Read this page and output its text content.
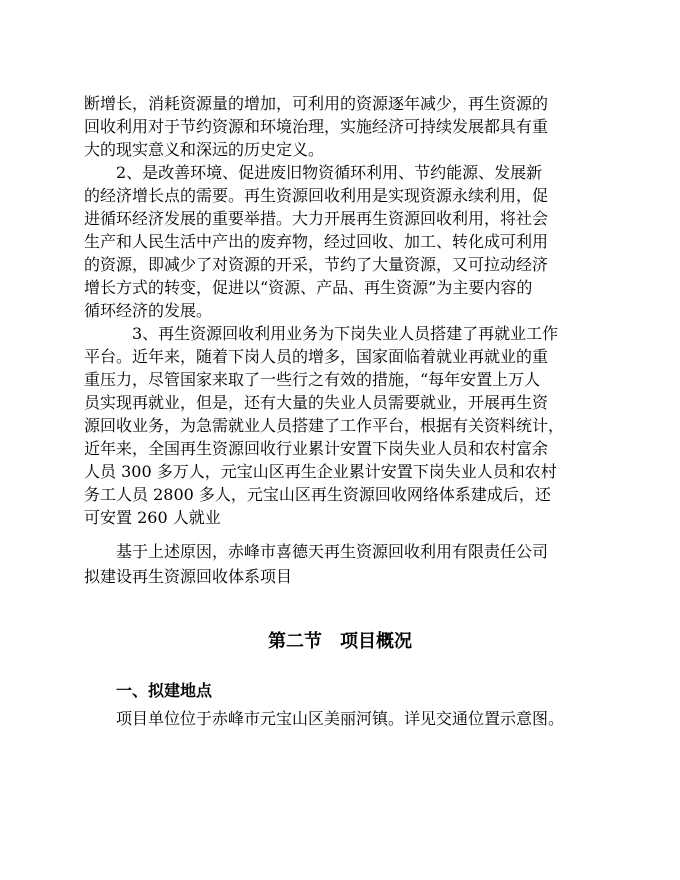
断增长，消耗资源量的增加，可利用的资源逐年减少，再生资源的
回收利用对于节约资源和环境治理，实施经济可持续发展都具有重
大的现实意义和深远的历史定义。
　　2、是改善环境、促进废旧物资循环利用、节约能源、发展新
的经济增长点的需要。再生资源回收利用是实现资源永续利用，促
进循环经济发展的重要举措。大力开展再生资源回收利用，将社会
生产和人民生活中产出的废弃物，经过回收、加工、转化成可利用
的资源，即减少了对资源的开采，节约了大量资源，又可拉动经济
增长方式的转变，促进以“资源、产品、再生资源”为主要内容的
循环经济的发展。
　　　3、再生资源回收利用业务为下岗失业人员搭建了再就业工作
平台。近年来，随着下岗人员的增多，国家面临着就业再就业的重
重压力，尽管国家来取了一些行之有效的措施，“每年安置上万人
员实现再就业，但是，还有大量的失业人员需要就业，开展再生资
源回收业务，为急需就业人员搭建了工作平台，根据有关资料统计，
近年来，全国再生资源回收行业累计安置下岗失业人员和农村富余
人员 300 多万人，元宝山区再生企业累计安置下岗失业人员和农村
务工人员 2800 多人，元宝山区再生资源回收网络体系建成后，还
可安置 260 人就业
　　基于上述原因，赤峰市喜德天再生资源回收利用有限责任公司
拟建设再生资源回收体系项目
第二节　项目概况
一、拟建地点

项目单位位于赤峰市元宝山区美丽河镇。详见交通位置示意图。
